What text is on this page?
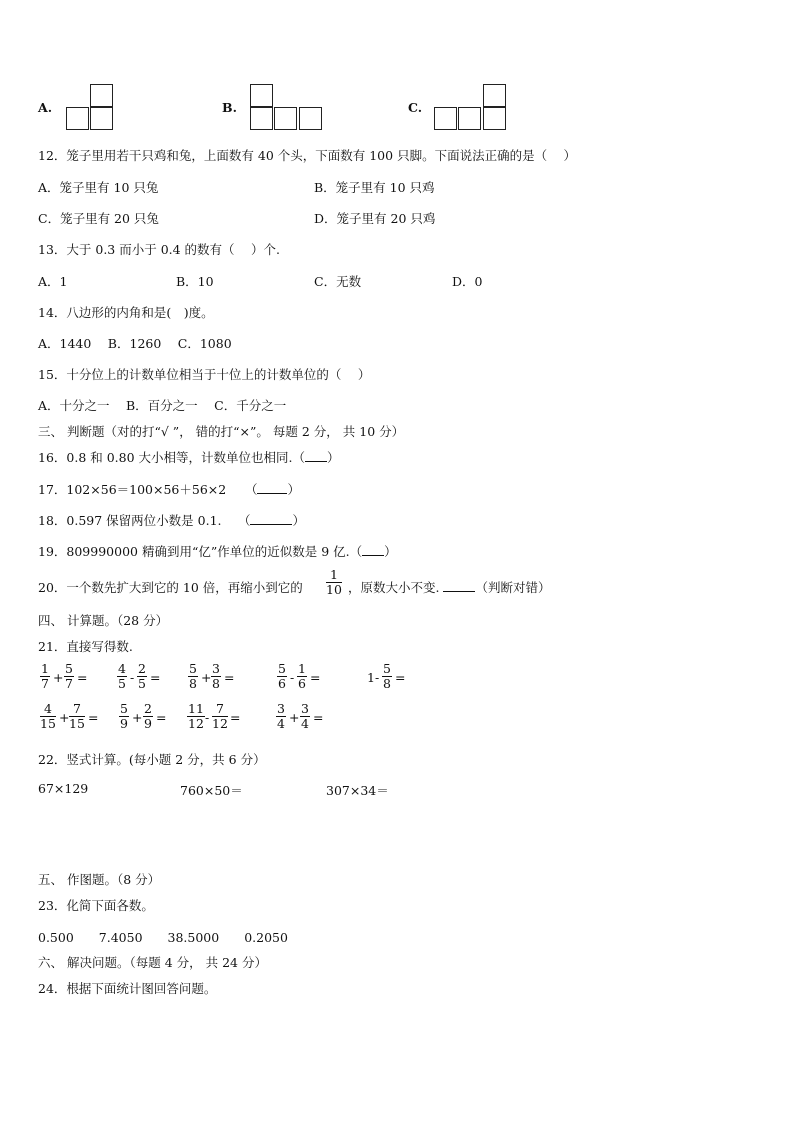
A.	B.	C.
12．笼子里用若干只鸡和兔，上面数有 40 个头，下面数有 100 只脚。下面说法正确的是（　 ）
A．笼子里有 10 只兔	B．笼子里有 10 只鸡
C．笼子里有 20 只兔	D．笼子里有 20 只鸡
13．大于 0.3 而小于 0.4 的数有（　 ）个.
A．1	B．10	C．无数	D．0
14．八边形的内角和是(　)度。
A．1440　 B．1260　 C．1080
15．十分位上的计数单位相当于十位上的计数单位的（　 ）
A．十分之一　 B．百分之一　 C．千分之一
三、 判断题（对的打“√ ”， 错的打“×”。 每题 2 分， 共 10 分）
16．0.8 和 0.80 大小相等，计数单位也相同.（ ）
17．102×56＝100×56＋56×2　　（ ）
18．0.597 保留两位小数是 0.1.　 （	）
19．809990000 精确到用“亿”作单位的近似数是 9 亿.（ ）
20．一个数先扩大到它的 10 倍，再缩小到它的 $\frac{1}{10}$ ，原数大小不变.	（判断对错）
四、 计算题。（28 分）
21．直接写得数.
$\frac{1}{7} + \frac{5}{7} = \frac{4}{5} - \frac{2}{5} = \frac{5}{8} + \frac{3}{8}$ =	$\frac{5}{6} - \frac{1}{6}$ =	$1- \frac{5}{8}$ =
$\frac{4}{15} + \frac{7}{15} = \frac{5}{9} + \frac{2}{9} = \frac{11}{12} - \frac{7}{12}$ =	$\frac{3}{4} + \frac{3}{4}$ =
22．竖式计算。(每小题 2 分，共 6 分）
67×129	760×50＝	307×34＝
五、 作图题。（8 分）
23．化简下面各数。
0.500　　7.4050　　38.5000　　0.2050
六、 解决问题。（每题 4 分， 共 24 分）
24．根据下面统计图回答问题。
